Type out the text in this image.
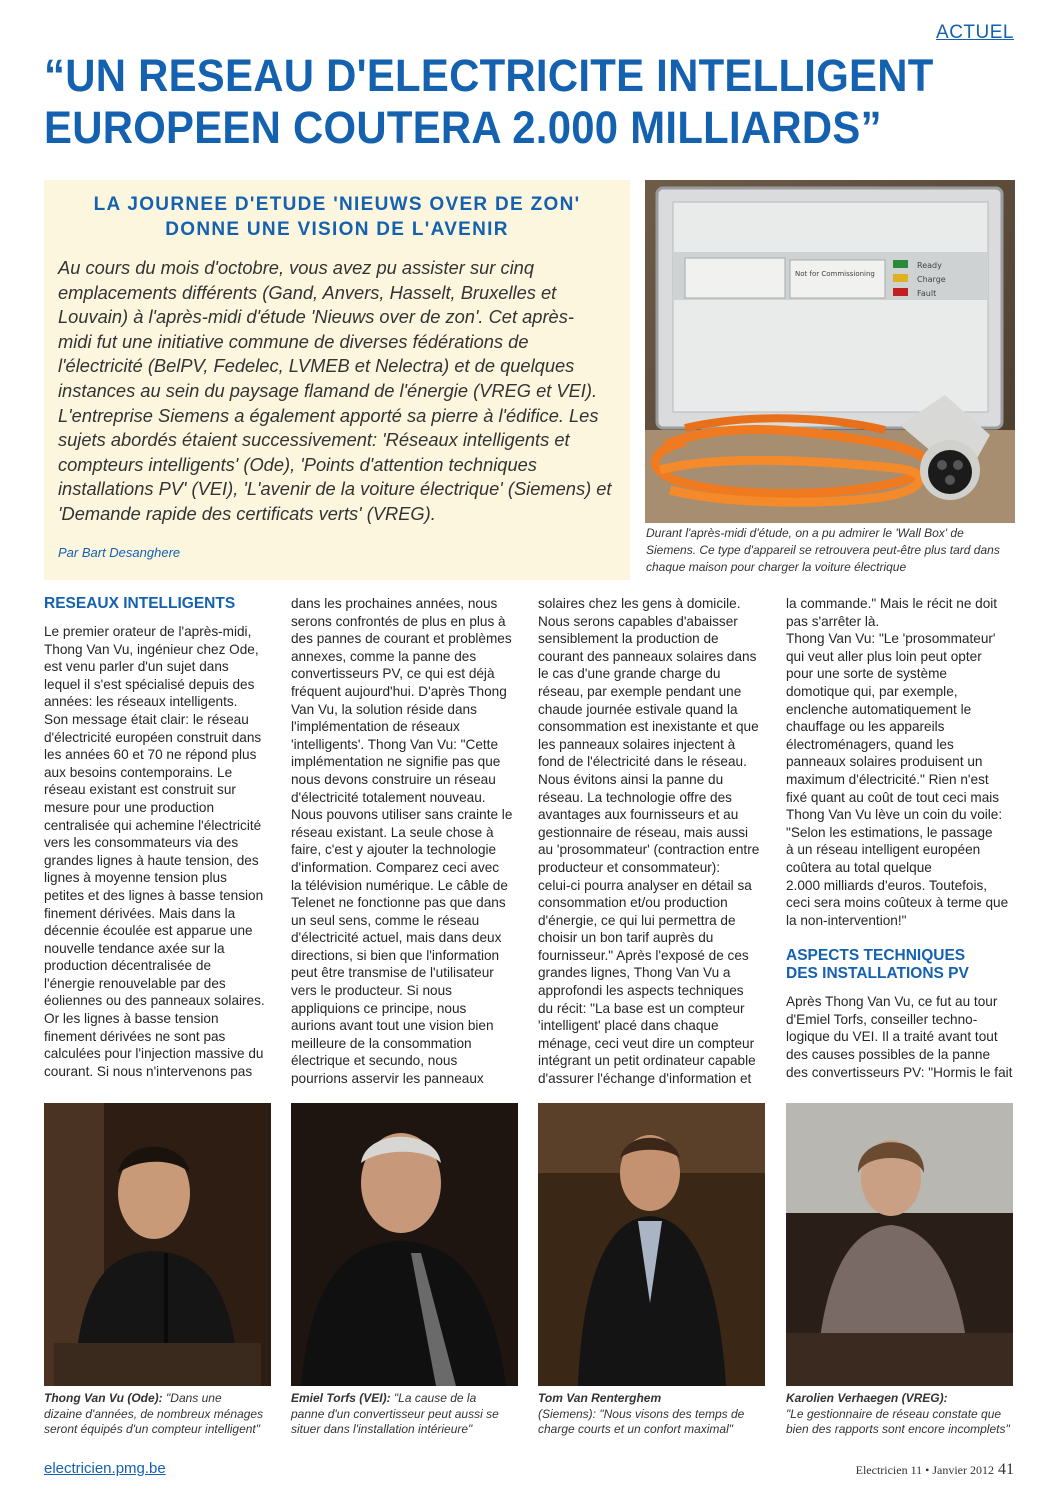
ACTUEL
“UN RESEAU D'ELECTRICITE INTELLIGENT
EUROPEEN COUTERA 2.000 MILLIARDS”
LA JOURNEE D'ETUDE 'NIEUWS OVER DE ZON'
DONNE UNE VISION DE L'AVENIR

Au cours du mois d'octobre, vous avez pu assister sur cinq
emplacements différents (Gand, Anvers, Hasselt, Bruxelles et
Louvain) à l'après-midi d'étude 'Nieuws over de zon'. Cet après-
midi fut une initiative commune de diverses fédérations de
l'électricité (BelPV, Fedelec, LVMEB et Nelectra) et de quelques
instances au sein du paysage flamand de l'énergie (VREG et VEI).
L'entreprise Siemens a également apporté sa pierre à l'édifice. Les
sujets abordés étaient successivement: 'Réseaux intelligents et
compteurs intelligents' (Ode), 'Points d'attention techniques
installations PV' (VEI), 'L'avenir de la voiture électrique' (Siemens) et
'Demande rapide des certificats verts' (VREG).

Par Bart Desanghere
Ready
Charge
Fault
Not for Commissioning
Durant l'après-midi d'étude, on a pu admirer le 'Wall Box' de
Siemens. Ce type d'appareil se retrouvera peut-être plus tard dans
chaque maison pour charger la voiture électrique
RESEAUX INTELLIGENTS
Le premier orateur de l'après-midi,
Thong Van Vu, ingénieur chez Ode,
est venu parler d'un sujet dans
lequel il s'est spécialisé depuis des
années: les réseaux intelligents.
Son message était clair: le réseau
d'électricité européen construit dans
les années 60 et 70 ne répond plus
aux besoins contemporains. Le
réseau existant est construit sur
mesure pour une production
centralisée qui achemine l'électricité
vers les consommateurs via des
grandes lignes à haute tension, des
lignes à moyenne tension plus
petites et des lignes à basse tension
finement dérivées. Mais dans la
décennie écoulée est apparue une
nouvelle tendance axée sur la
production décentralisée de
l'énergie renouvelable par des
éoliennes ou des panneaux solaires.
Or les lignes à basse tension
finement dérivées ne sont pas
calculées pour l'injection massive du
courant. Si nous n'intervenons pas
dans les prochaines années, nous
serons confrontés de plus en plus à
des pannes de courant et problèmes
annexes, comme la panne des
convertisseurs PV, ce qui est déjà
fréquent aujourd'hui. D'après Thong
Van Vu, la solution réside dans
l'implémentation de réseaux
'intelligents'. Thong Van Vu: "Cette
implémentation ne signifie pas que
nous devons construire un réseau
d'électricité totalement nouveau.
Nous pouvons utiliser sans crainte le
réseau existant. La seule chose à
faire, c'est y ajouter la technologie
d'information. Comparez ceci avec
la télévision numérique. Le câble de
Telenet ne fonctionne pas que dans
un seul sens, comme le réseau
d'électricité actuel, mais dans deux
directions, si bien que l'information
peut être transmise de l'utilisateur
vers le producteur. Si nous
appliquions ce principe, nous
aurions avant tout une vision bien
meilleure de la consommation
électrique et secundo, nous
pourrions asservir les panneaux
solaires chez les gens à domicile.
Nous serons capables d'abaisser
sensiblement la production de
courant des panneaux solaires dans
le cas d'une grande charge du
réseau, par exemple pendant une
chaude journée estivale quand la
consommation est inexistante et que
les panneaux solaires injectent à
fond de l'électricité dans le réseau.
Nous évitons ainsi la panne du
réseau. La technologie offre des
avantages aux fournisseurs et au
gestionnaire de réseau, mais aussi
au 'prosommateur' (contraction entre
producteur et consommateur):
celui-ci pourra analyser en détail sa
consommation et/ou production
d'énergie, ce qui lui permettra de
choisir un bon tarif auprès du
fournisseur." Après l'exposé de ces
grandes lignes, Thong Van Vu a
approfondi les aspects techniques
du récit: "La base est un compteur
'intelligent' placé dans chaque
ménage, ceci veut dire un compteur
intégrant un petit ordinateur capable
d'assurer l'échange d'information et
la commande." Mais le récit ne doit
pas s'arrêter là.
Thong Van Vu: "Le 'prosommateur'
qui veut aller plus loin peut opter
pour une sorte de système
domotique qui, par exemple,
enclenche automatiquement le
chauffage ou les appareils
électroménagers, quand les
panneaux solaires produisent un
maximum d'électricité." Rien n'est
fixé quant au coût de tout ceci mais
Thong Van Vu lève un coin du voile:
"Selon les estimations, le passage
à un réseau intelligent européen
coûtera au total quelque
2.000 milliards d'euros. Toutefois,
ceci sera moins coûteux à terme que
la non-intervention!"
ASPECTS TECHNIQUES
DES INSTALLATIONS PV
Après Thong Van Vu, ce fut au tour
d'Emiel Torfs, conseiller techno-
logique du VEI. Il a traité avant tout
des causes possibles de la panne
des convertisseurs PV: "Hormis le fait
Thong Van Vu (Ode): "Dans une
dizaine d'années, de nombreux ménages
seront équipés d'un compteur intelligent"
Emiel Torfs (VEI): "La cause de la
panne d'un convertisseur peut aussi se
situer dans l'installation intérieure"
Tom Van Renterghem
(Siemens): "Nous visons des temps de
charge courts et un confort maximal"
Karolien Verhaegen (VREG):
"Le gestionnaire de réseau constate que
bien des rapports sont encore incomplets"
electricien.pmg.be	Electricien 11 • Janvier 2012 41
